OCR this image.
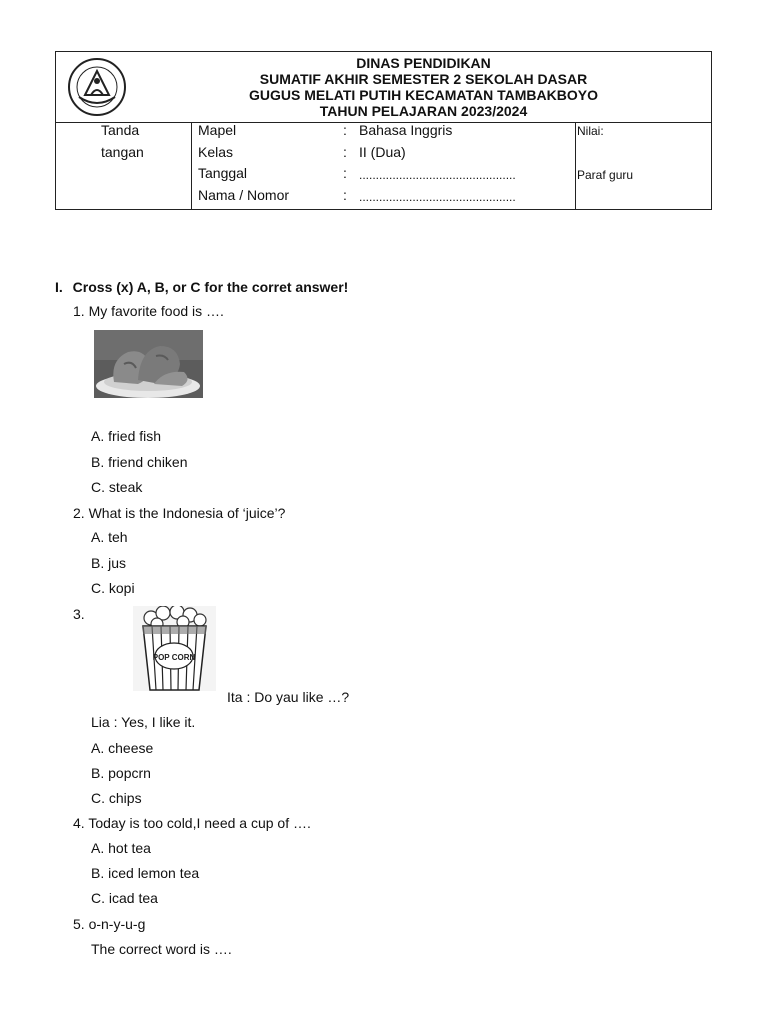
DINAS PENDIDIKAN
SUMATIF AKHIR SEMESTER 2 SEKOLAH DASAR
GUGUS MELATI PUTIH KECAMATAN TAMBAKBOYO
TAHUN PELAJARAN 2023/2024
Tanda
tangan
Mapel	: Bahasa Inggris
Kelas	: II (Dua)
Tanggal	: ...............................................
Nama / Nomor	: ...............................................
Nilai:
Paraf guru
I. Cross (x) A, B, or C for the corret answer!
1. My favorite food is ….
A. fried fish
B. friend chiken
C. steak
2. What is the Indonesia of ‘juice’?
A. teh
B. jus
C. kopi
3.
POP CORN
Ita : Do yau like …?
Lia : Yes, I like it.
A. cheese
B. popcrn
C. chips
4. Today is too cold,I need a cup of ….
A. hot tea
B. iced lemon tea
C. icad tea
5. o-n-y-u-g
The correct word is ….
